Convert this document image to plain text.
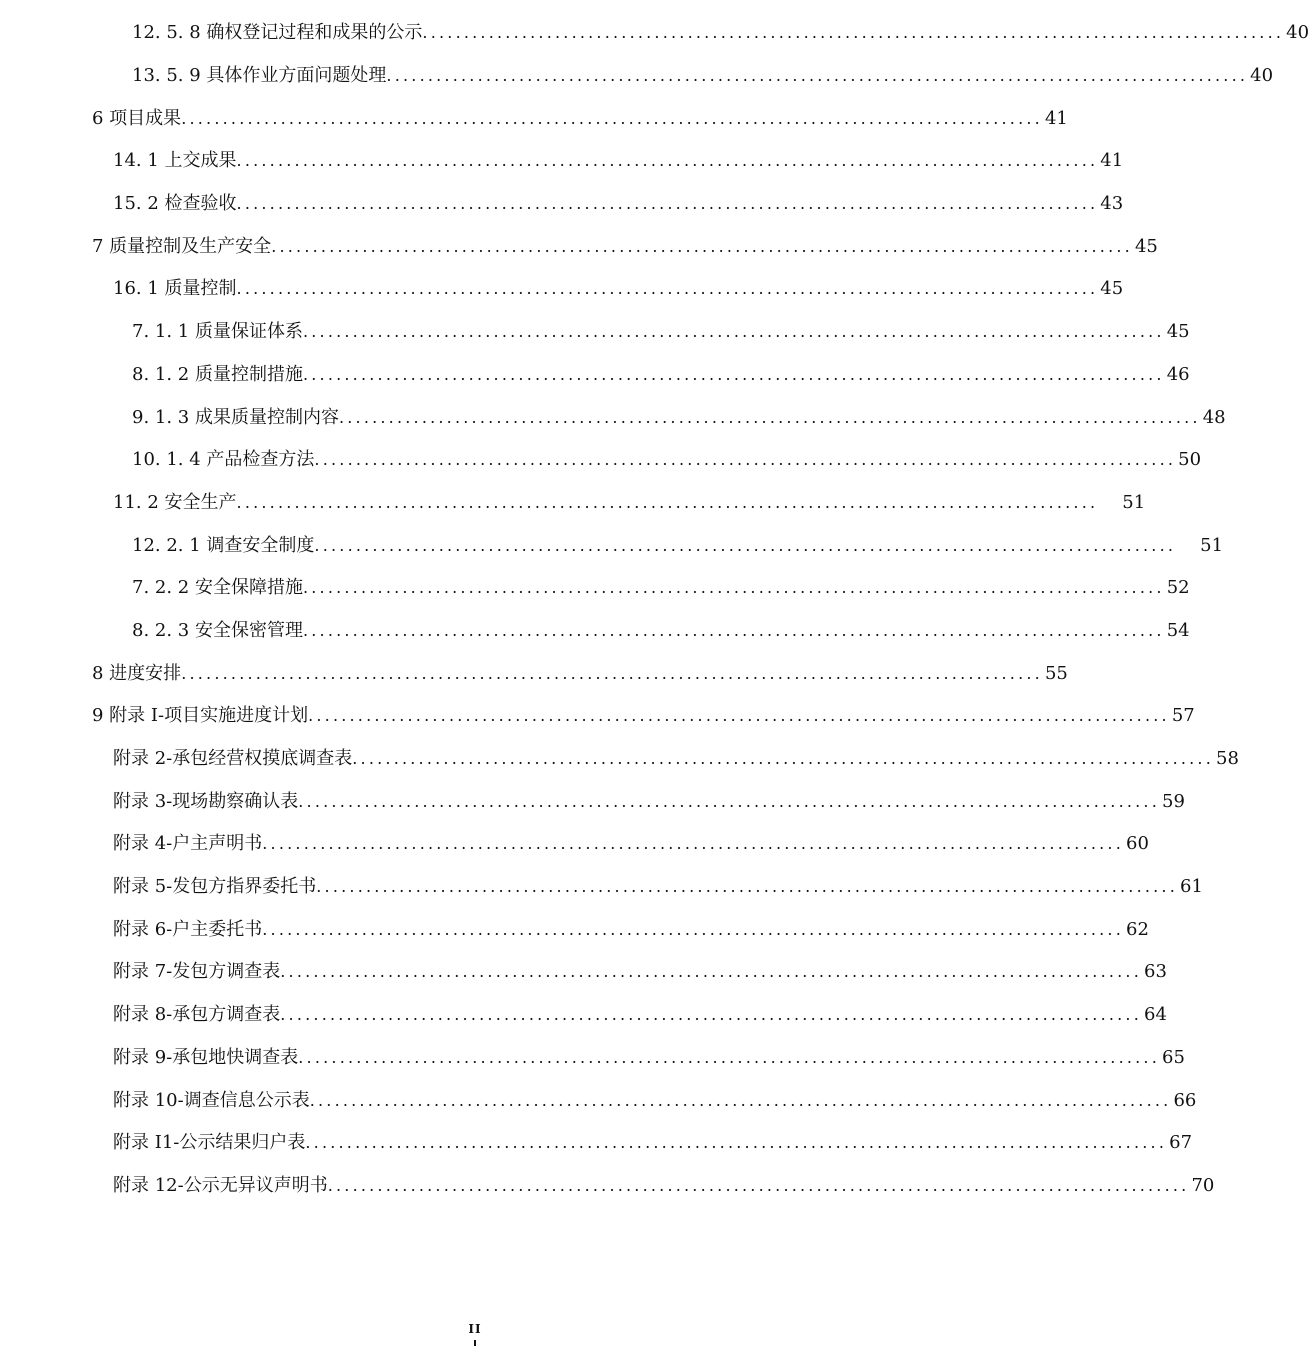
12. 5. 8 确权登记过程和成果的公示 ........................................................................................................ 40
13. 5. 9 具体作业方面问题处理 ........................................................................................................ 40
6 项目成果 ........................................................................................................ 41
14. 1 上交成果 ........................................................................................................ 41
15. 2 检查验收 ........................................................................................................ 43
7 质量控制及生产安全 ........................................................................................................ 45
16. 1 质量控制 ........................................................................................................ 45
7. 1. 1 质量保证体系 ........................................................................................................ 45
8. 1. 2 质量控制措施 ........................................................................................................ 46
9. 1. 3 成果质量控制内容 ........................................................................................................ 48
10. 1. 4 产品检查方法 ........................................................................................................ 50
11. 2 安全生产 ........................................................................................................	51
12. 2. 1 调查安全制度 ........................................................................................................	51
7. 2. 2 安全保障措施 ........................................................................................................ 52
8. 2. 3 安全保密管理 ........................................................................................................ 54
8 进度安排 ........................................................................................................ 55
9 附录 I-项目实施进度计划 ........................................................................................................ 57
附录 2-承包经营权摸底调查表 ........................................................................................................ 58
附录 3-现场勘察确认表 ........................................................................................................ 59
附录 4-户主声明书 ........................................................................................................ 60
附录 5-发包方指界委托书 ........................................................................................................ 61
附录 6-户主委托书 ........................................................................................................ 62
附录 7-发包方调查表 ........................................................................................................ 63
附录 8-承包方调查表 ........................................................................................................ 64
附录 9-承包地快调查表 ........................................................................................................ 65
附录 10-调查信息公示表 ........................................................................................................ 66
附录 I1-公示结果归户表 ........................................................................................................ 67
附录 12-公示无异议声明书 ........................................................................................................ 70
II
